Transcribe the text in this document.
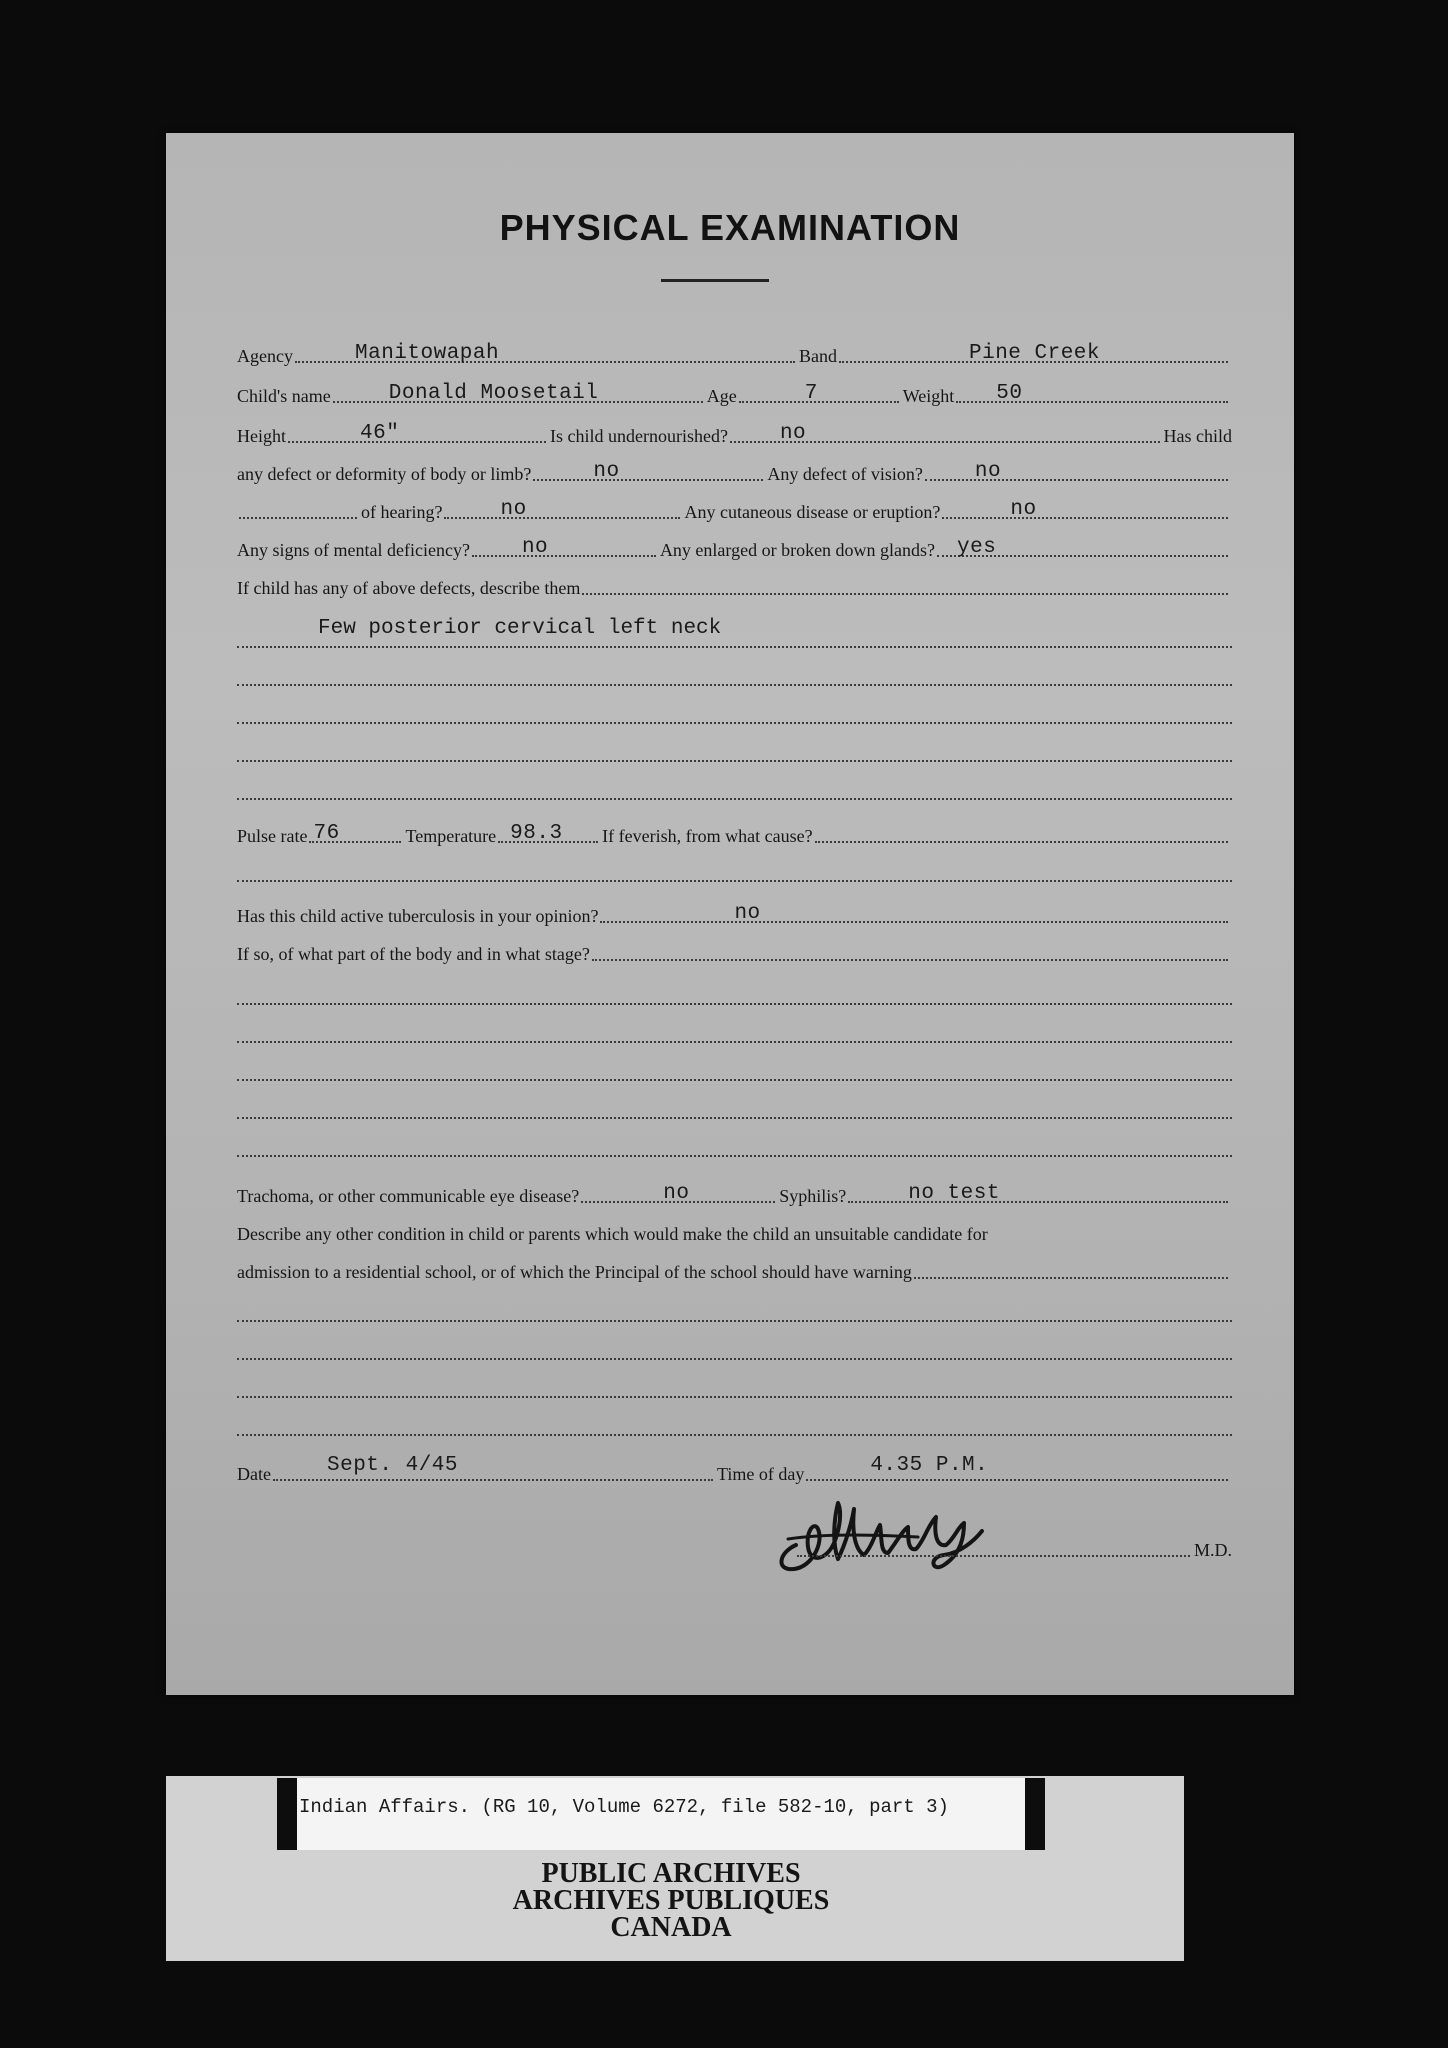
PHYSICAL EXAMINATION
Agency	Manitowapah	Band	Pine Creek
Child's name	Donald Moosetail	Age	7	Weight 50
Height	46"	Is child undernourished? no	Has child
any defect or deformity of body or limb?	no	Any defect of vision? no
of hearing?	no	Any cutaneous disease or eruption?	no
Any signs of mental deficiency? no	Any enlarged or broken down glands? yes
If child has any of above defects, describe them
Few posterior cervical left neck
Pulse rate 76	Temperature 98.3 If feverish, from what cause?
Has this child active tuberculosis in your opinion?	no
If so, of what part of the body and in what stage?
Trachoma, or other communicable eye disease?	no	Syphilis?	no test
Describe any other condition in child or parents which would make the child an unsuitable candidate for
admission to a residential school, or of which the Principal of the school should have warning
Date	Sept. 4/45	Time of day	4.35 P.M.
M.D.
Indian Affairs. (RG 10, Volume 6272, file 582-10, part 3)
PUBLIC ARCHIVES
ARCHIVES PUBLIQUES
CANADA
